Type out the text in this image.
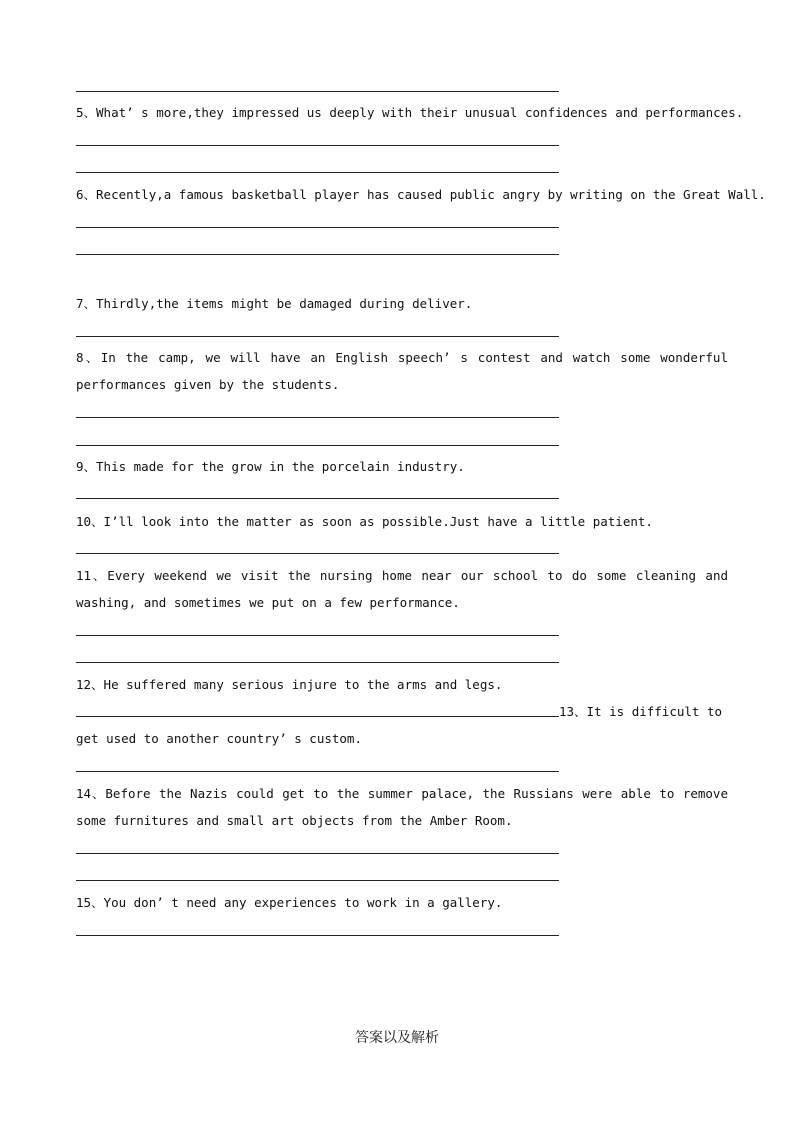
5、What’ s more,they impressed us deeply with their unusual confidences and performances.
6、Recently,a famous basketball player has caused public angry by writing on the Great Wall.
7、Thirdly,the items might be damaged during deliver.
8、In the camp, we will have an English speech’ s contest and watch some wonderful performances given by the students.
9、This made for the grow in the porcelain industry.
10、I’ll look into the matter as soon as possible.Just have a little patient.
11、Every weekend we visit the nursing home near our school to do some cleaning and washing, and sometimes we put on a few performance.
12、He suffered many serious injure to the arms and legs.
13、It is difficult to
get used to another country’ s custom.
14、Before the Nazis could get to the summer palace, the Russians were able to remove some furnitures and small art objects from the Amber Room.
15、You don’ t need any experiences to work in a gallery.
答案以及解析
